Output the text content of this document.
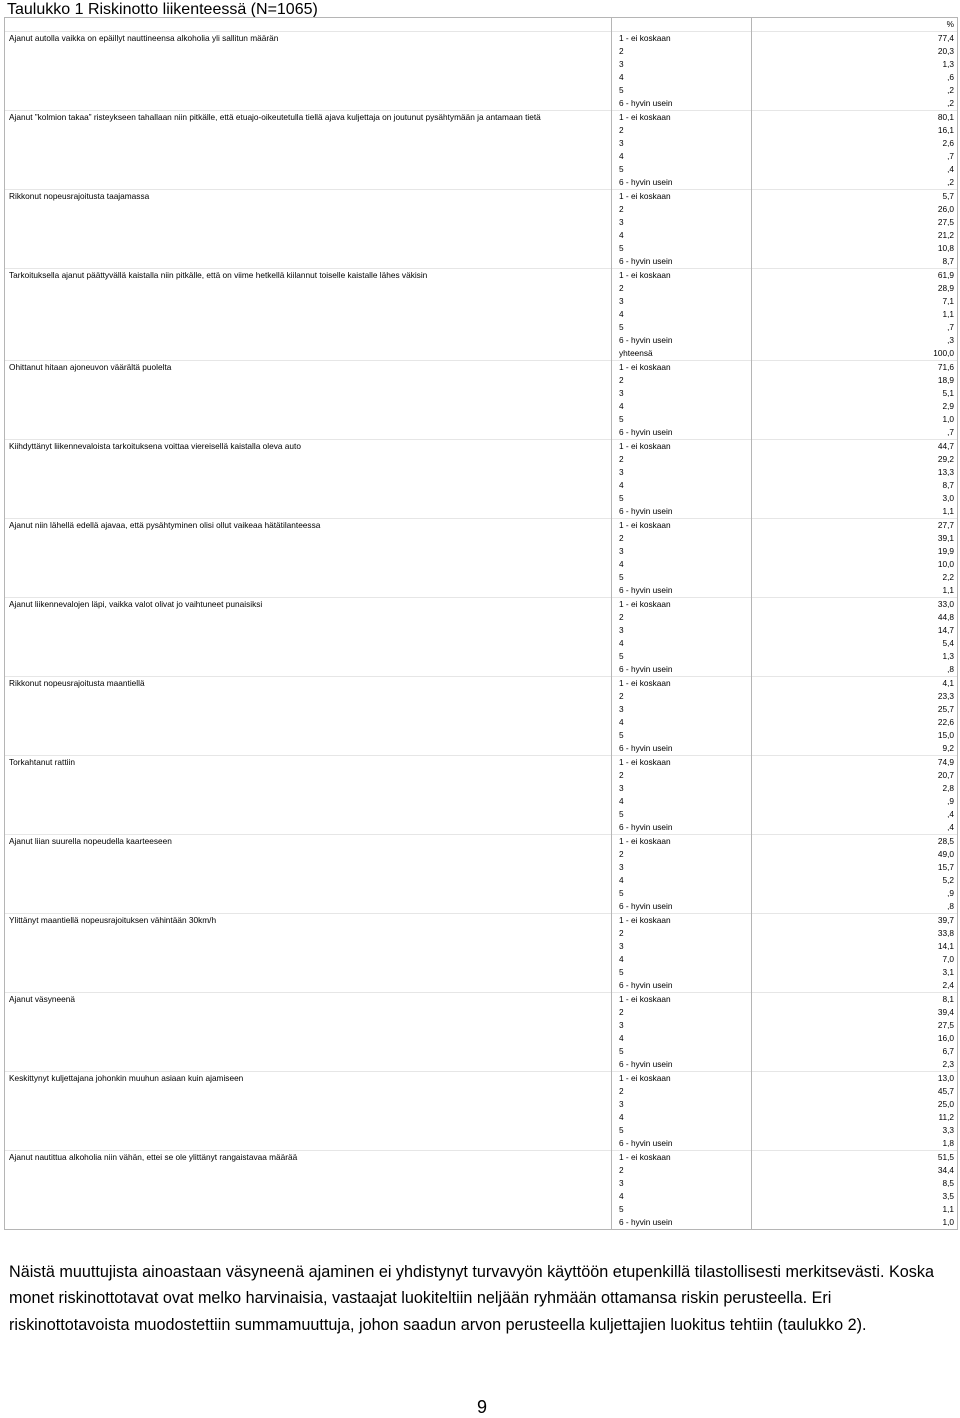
Taulukko 1 Riskinotto liikenteessä (N=1065)
		%
Ajanut autolla vaikka on epäillyt nauttineensa alkoholia yli sallitun määrän	1 - ei koskaan	77,4
	2	20,3
	3	1,3
	4	,6
	5	,2
	6 - hyvin usein	,2
Ajanut ”kolmion takaa” risteykseen tahallaan niin pitkälle, että etuajo-oikeutetulla tiellä ajava kuljettaja on joutunut pysähtymään ja antamaan tietä	1 - ei koskaan	80,1
	2	16,1
	3	2,6
	4	,7
	5	,4
	6 - hyvin usein	,2
Rikkonut nopeusrajoitusta taajamassa	1 - ei koskaan	5,7
	2	26,0
	3	27,5
	4	21,2
	5	10,8
	6 - hyvin usein	8,7
Tarkoituksella ajanut päättyvällä kaistalla niin pitkälle, että on viime hetkellä kiilannut toiselle kaistalle lähes väkisin	1 - ei koskaan	61,9
	2	28,9
	3	7,1
	4	1,1
	5	,7
	6 - hyvin usein	,3
	yhteensä	100,0
Ohittanut hitaan ajoneuvon väärältä puolelta	1 - ei koskaan	71,6
	2	18,9
	3	5,1
	4	2,9
	5	1,0
	6 - hyvin usein	,7
Kiihdyttänyt liikennevaloista tarkoituksena voittaa viereisellä kaistalla oleva auto	1 - ei koskaan	44,7
	2	29,2
	3	13,3
	4	8,7
	5	3,0
	6 - hyvin usein	1,1
Ajanut niin lähellä edellä ajavaa, että pysähtyminen olisi ollut vaikeaa hätätilanteessa	1 - ei koskaan	27,7
	2	39,1
	3	19,9
	4	10,0
	5	2,2
	6 - hyvin usein	1,1
Ajanut liikennevalojen läpi, vaikka valot olivat jo vaihtuneet punaisiksi	1 - ei koskaan	33,0
	2	44,8
	3	14,7
	4	5,4
	5	1,3
	6 - hyvin usein	,8
Rikkonut nopeusrajoitusta maantiellä	1 - ei koskaan	4,1
	2	23,3
	3	25,7
	4	22,6
	5	15,0
	6 - hyvin usein	9,2
Torkahtanut rattiin	1 - ei koskaan	74,9
	2	20,7
	3	2,8
	4	,9
	5	,4
	6 - hyvin usein	,4
Ajanut liian suurella nopeudella kaarteeseen	1 - ei koskaan	28,5
	2	49,0
	3	15,7
	4	5,2
	5	,9
	6 - hyvin usein	,8
Ylittänyt maantiellä nopeusrajoituksen vähintään 30km/h	1 - ei koskaan	39,7
	2	33,8
	3	14,1
	4	7,0
	5	3,1
	6 - hyvin usein	2,4
Ajanut väsyneenä	1 - ei koskaan	8,1
	2	39,4
	3	27,5
	4	16,0
	5	6,7
	6 - hyvin usein	2,3
Keskittynyt kuljettajana johonkin muuhun asiaan kuin ajamiseen	1 - ei koskaan	13,0
	2	45,7
	3	25,0
	4	11,2
	5	3,3
	6 - hyvin usein	1,8
Ajanut nautittua alkoholia niin vähän, ettei se ole ylittänyt rangaistavaa määrää	1 - ei koskaan	51,5
	2	34,4
	3	8,5
	4	3,5
	5	1,1
	6 - hyvin usein	1,0

Näistä muuttujista ainoastaan väsyneenä ajaminen ei yhdistynyt turvavyön käyttöön etupenkillä tilastollisesti merkitsevästi. Koska monet riskinottotavat ovat melko harvinaisia, vastaajat luokiteltiin neljään ryhmään ottamansa riskin perusteella. Eri riskinottotavoista muodostettiin summamuuttuja, johon saadun arvon perusteella kuljettajien luokitus tehtiin (taulukko 2).

9
